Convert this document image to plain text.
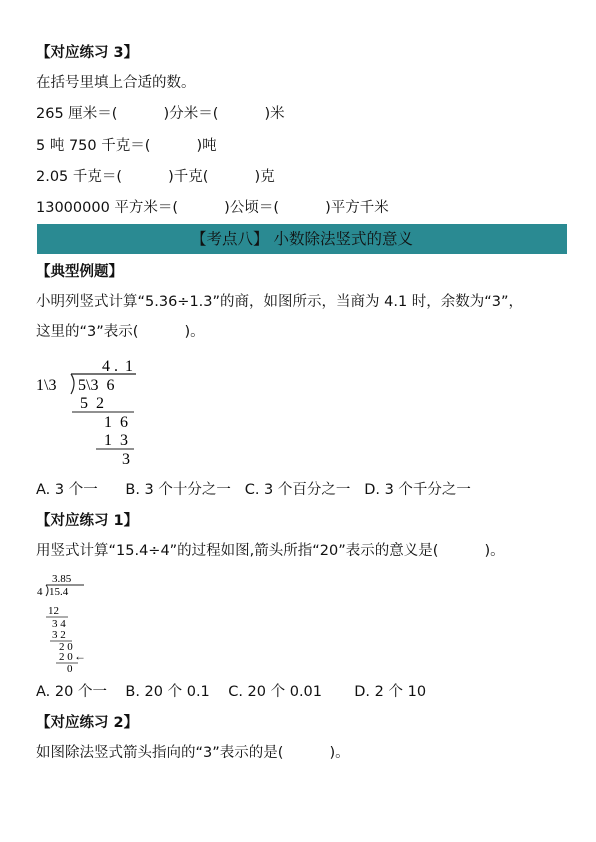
【对应练习 3】
在括号里填上合适的数。
265 厘米＝(          )分米＝(          )米
5 吨 750 千克＝(          )吨
2.05 千克＝(          )千克(          )克
13000000 平方米＝(          )公顷＝(          )平方千米
【考点八】 小数除法竖式的意义
【典型例题】
小明列竖式计算“5.36÷1.3”的商，如图所示，当商为 4.1 时，余数为“3”，
这里的“3”表示(          )。
4 . 1
1\3 5\3  6
5  2
1  6
1  3
3
A. 3 个一      B. 3 个十分之一   C. 3 个百分之一   D. 3 个千分之一
【对应练习 1】
用竖式计算“15.4÷4”的过程如图,箭头所指“20”表示的意义是(          )。
3.85
4 15.4
12
3 4
3 2
2 0
2 0 ←
0
A. 20 个一    B. 20 个 0.1    C. 20 个 0.01       D. 2 个 10
【对应练习 2】
如图除法竖式箭头指向的“3”表示的是(          )。
